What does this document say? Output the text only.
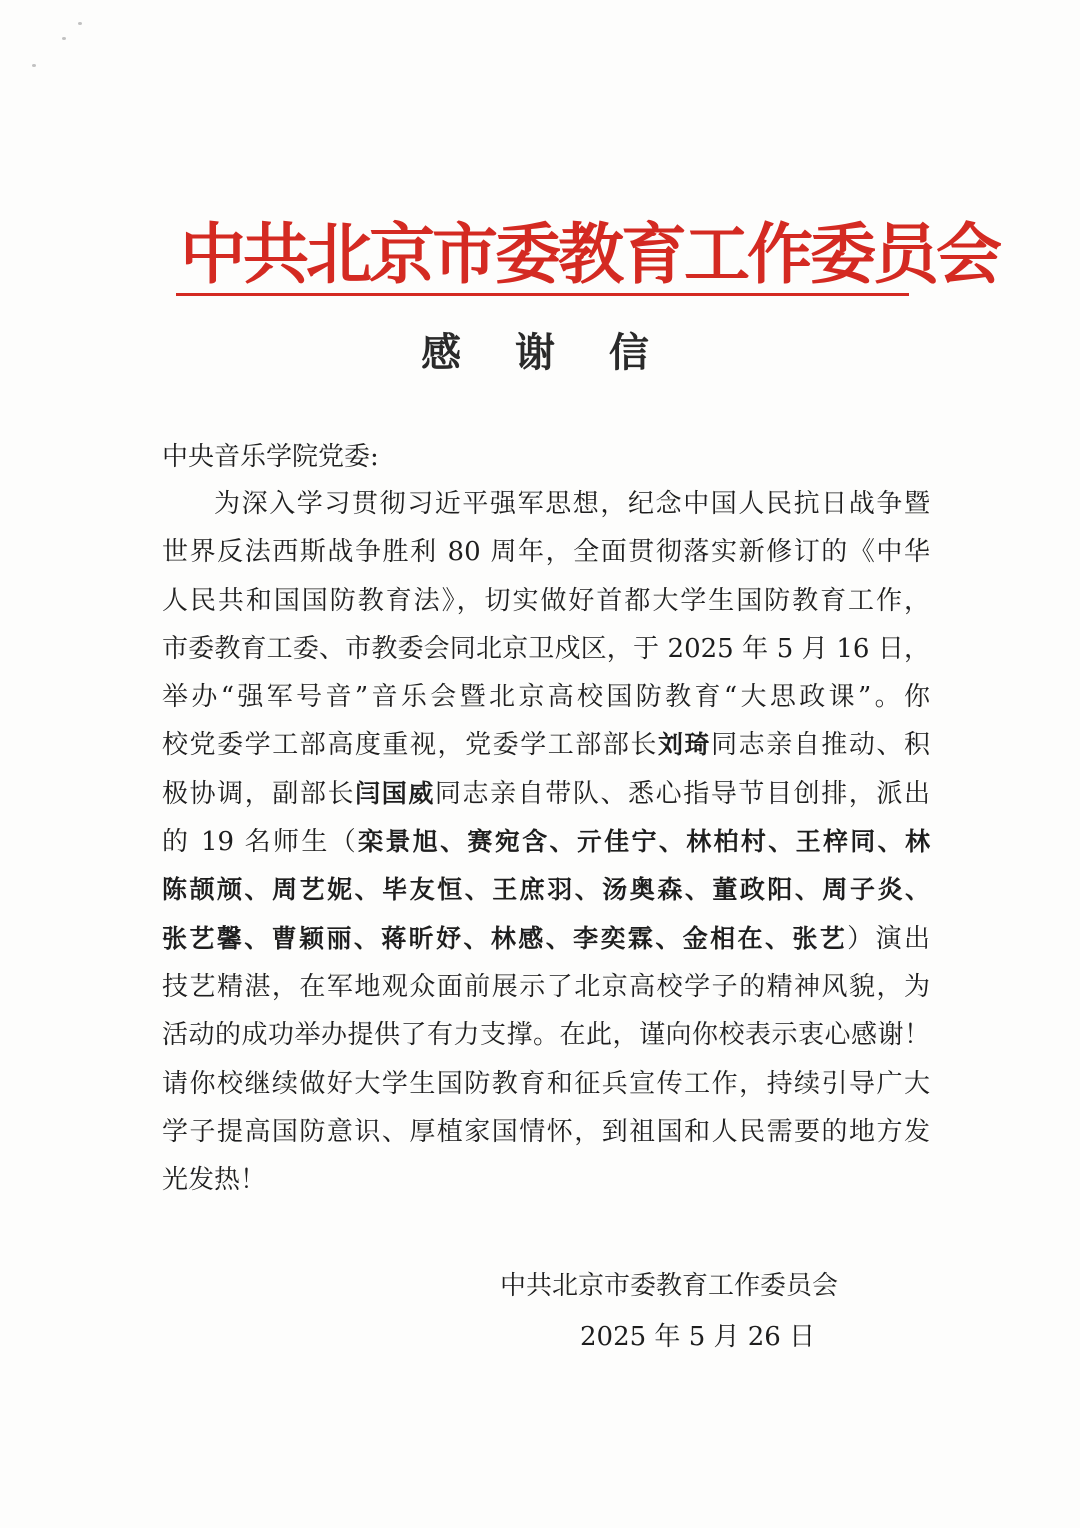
中共北京市委教育工作委员会
感 谢 信
中央音乐学院党委:
为深入学习贯彻习近平强军思想，纪念中国人民抗日战争暨
世界反法西斯战争胜利 80 周年，全面贯彻落实新修订的《中华
人民共和国国防教育法》，切实做好首都大学生国防教育工作，
市委教育工委、市教委会同北京卫戍区，于 2025 年 5 月 16 日，
举办“强军号音”音乐会暨北京高校国防教育“大思政课”。你
校党委学工部高度重视，党委学工部部长刘琦同志亲自推动、积
极协调，副部长闫国威同志亲自带队、悉心指导节目创排，派出
的 19 名师生（栾景旭、赛宛含、亓佳宁、林柏村、王梓同、林
陈颉颃、周艺妮、毕友恒、王庶羽、汤奥森、董政阳、周子炎、
张艺馨、曹颖丽、蒋昕妤、林感、李奕霖、金相在、张艺）演出
技艺精湛，在军地观众面前展示了北京高校学子的精神风貌，为
活动的成功举办提供了有力支撑。在此，谨向你校表示衷心感谢！
请你校继续做好大学生国防教育和征兵宣传工作，持续引导广大
学子提高国防意识、厚植家国情怀，到祖国和人民需要的地方发
光发热！
中共北京市委教育工作委员会
2025 年 5 月 26 日
